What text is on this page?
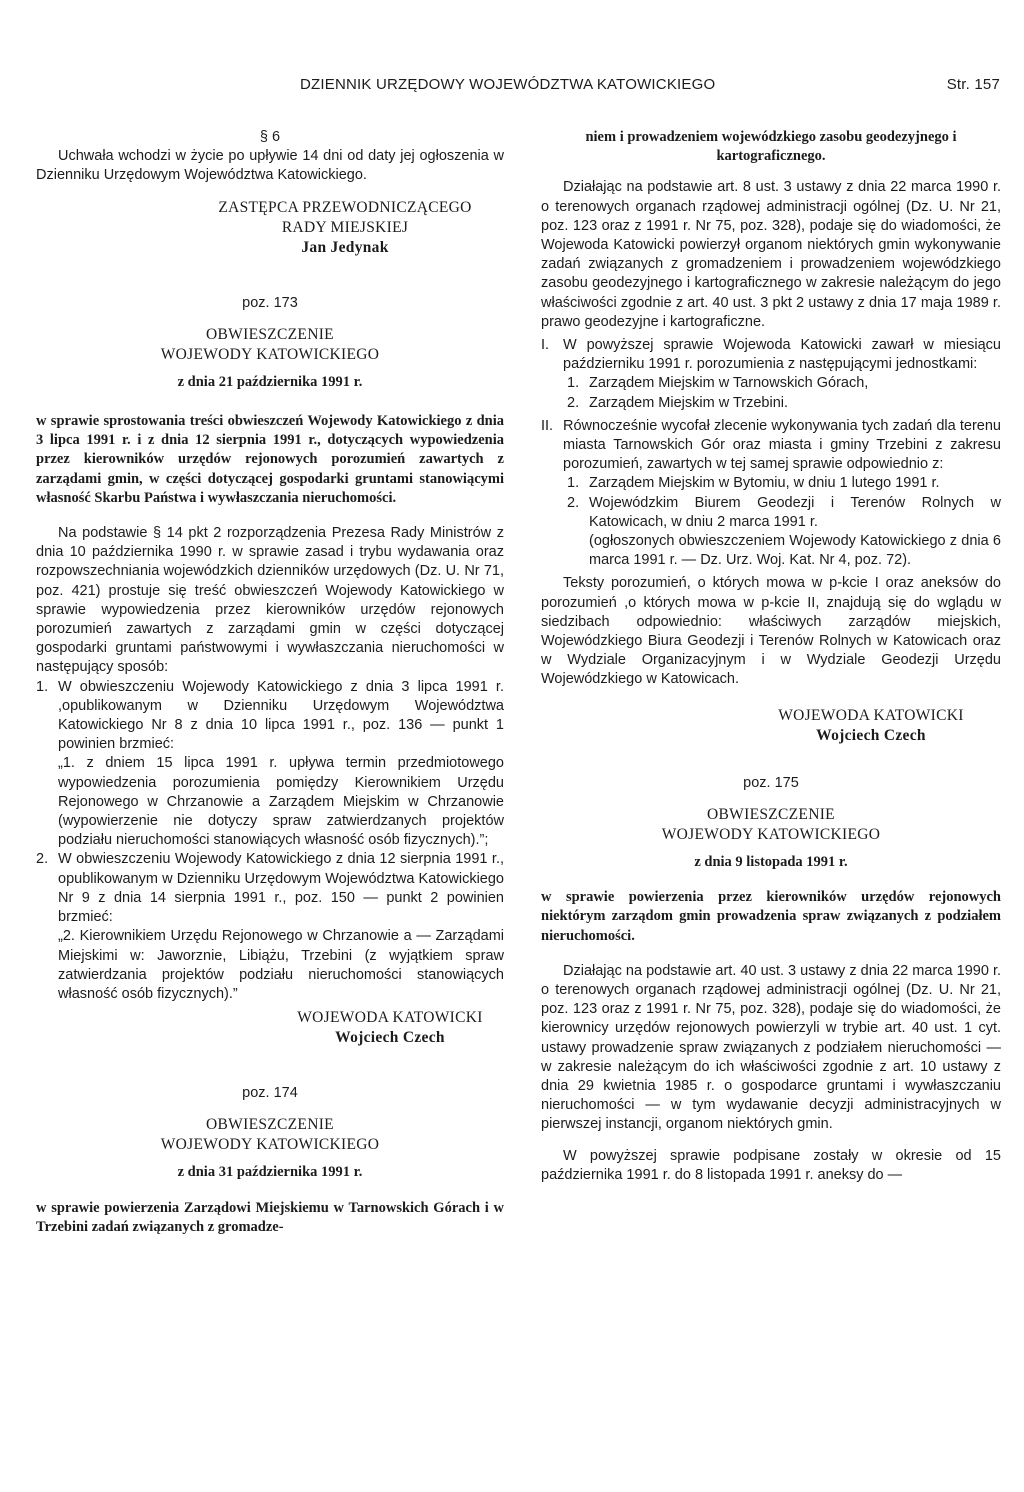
DZIENNIK URZĘDOWY WOJEWÓDZTWA KATOWICKIEGO	Str. 157

§ 6

Uchwała wchodzi w życie po upływie 14 dni od daty jej ogłoszenia w Dzienniku Urzędowym Województwa Katowickiego.

ZASTĘPCA PRZEWODNICZĄCEGO

RADY MIEJSKIEJ

Jan Jedynak

poz. 173

OBWIESZCZENIE

WOJEWODY KATOWICKIEGO

z dnia 21 października 1991 r.

w sprawie sprostowania treści obwieszczeń Wojewody Katowickiego z dnia 3 lipca 1991 r. i z dnia 12 sierpnia 1991 r., dotyczących wypowiedzenia przez kierowników urzędów rejonowych porozumień zawartych z zarządami gmin, w części dotyczącej gospodarki gruntami stanowiącymi własność Skarbu Państwa i wywłaszczania nieruchomości.

Na podstawie § 14 pkt 2 rozporządzenia Prezesa Rady Ministrów z dnia 10 października 1990 r. w sprawie zasad i trybu wydawania oraz rozpowszechniania wojewódzkich dzienników urzędowych (Dz. U. Nr 71, poz. 421) prostuje się treść obwieszczeń Wojewody Katowickiego w sprawie wypowiedzenia przez kierowników urzędów rejonowych porozumień zawartych z zarządami gmin w części dotyczącej gospodarki gruntami państwowymi i wywłaszczania nieruchomości w następujący sposób:

1. W obwieszczeniu Wojewody Katowickiego z dnia 3 lipca 1991 r. ,opublikowanym w Dzienniku Urzędowym Województwa Katowickiego Nr 8 z dnia 10 lipca 1991 r., poz. 136 — punkt 1 powinien brzmieć:

„1. z dniem 15 lipca 1991 r. upływa termin przedmiotowego wypowiedzenia porozumienia pomiędzy Kierownikiem Urzędu Rejonowego w Chrzanowie a Zarządem Miejskim w Chrzanowie (wypowierzenie nie dotyczy spraw zatwierdzanych projektów podziału nieruchomości stanowiących własność osób fizycznych).”;

2. W obwieszczeniu Wojewody Katowickiego z dnia 12 sierpnia 1991 r., opublikowanym w Dzienniku Urzędowym Województwa Katowickiego Nr 9 z dnia 14 sierpnia 1991 r., poz. 150 — punkt 2 powinien brzmieć:

„2. Kierownikiem Urzędu Rejonowego w Chrzanowie a — Zarządami Miejskimi w: Jaworznie, Libiążu, Trzebini (z wyjątkiem spraw zatwierdzania projektów podziału nieruchomości stanowiących własność osób fizycznych).”

WOJEWODA KATOWICKI

Wojciech Czech

poz. 174

OBWIESZCZENIE

WOJEWODY KATOWICKIEGO

z dnia 31 października 1991 r.

w sprawie powierzenia Zarządowi Miejskiemu w Tarnowskich Górach i w Trzebini zadań związanych z gromadze-

niem i prowadzeniem wojewódzkiego zasobu geodezyjnego i kartograficznego.

Działając na podstawie art. 8 ust. 3 ustawy z dnia 22 marca 1990 r. o terenowych organach rządowej administracji ogólnej (Dz. U. Nr 21, poz. 123 oraz z 1991 r. Nr 75, poz. 328), podaje się do wiadomości, że Wojewoda Katowicki powierzył organom niektórych gmin wykonywanie zadań związanych z gromadzeniem i prowadzeniem wojewódzkiego zasobu geodezyjnego i kartograficznego w zakresie należącym do jego właściwości zgodnie z art. 40 ust. 3 pkt 2 ustawy z dnia 17 maja 1989 r. prawo geodezyjne i kartograficzne.

I. W powyższej sprawie Wojewoda Katowicki zawarł w miesiącu październiku 1991 r. porozumienia z następującymi jednostkami:

1. Zarządem Miejskim w Tarnowskich Górach,

2. Zarządem Miejskim w Trzebini.

II. Równocześnie wycofał zlecenie wykonywania tych zadań dla terenu miasta Tarnowskich Gór oraz miasta i gminy Trzebini z zakresu porozumień, zawartych w tej samej sprawie odpowiednio z:

1. Zarządem Miejskim w Bytomiu, w dniu 1 lutego 1991 r.

2. Wojewódzkim Biurem Geodezji i Terenów Rolnych w Katowicach, w dniu 2 marca 1991 r.

(ogłoszonych obwieszczeniem Wojewody Katowickiego z dnia 6 marca 1991 r. — Dz. Urz. Woj. Kat. Nr 4, poz. 72).

Teksty porozumień, o których mowa w p-kcie I oraz aneksów do porozumień ,o których mowa w p-kcie II, znajdują się do wglądu w siedzibach odpowiednio: właściwych zarządów miejskich, Wojewódzkiego Biura Geodezji i Terenów Rolnych w Katowicach oraz w Wydziale Organizacyjnym i w Wydziale Geodezji Urzędu Wojewódzkiego w Katowicach.

WOJEWODA KATOWICKI

Wojciech Czech

poz. 175

OBWIESZCZENIE

WOJEWODY KATOWICKIEGO

z dnia 9 listopada 1991 r.

w sprawie powierzenia przez kierowników urzędów rejonowych niektórym zarządom gmin prowadzenia spraw związanych z podziałem nieruchomości.

Działając na podstawie art. 40 ust. 3 ustawy z dnia 22 marca 1990 r. o terenowych organach rządowej administracji ogólnej (Dz. U. Nr 21, poz. 123 oraz z 1991 r. Nr 75, poz. 328), podaje się do wiadomości, że kierownicy urzędów rejonowych powierzyli w trybie art. 40 ust. 1 cyt. ustawy prowadzenie spraw związanych z podziałem nieruchomości — w zakresie należącym do ich właściwości zgodnie z art. 10 ustawy z dnia 29 kwietnia 1985 r. o gospodarce gruntami i wywłaszczaniu nieruchomości — w tym wydawanie decyzji administracyjnych w pierwszej instancji, organom niektórych gmin.

W powyższej sprawie podpisane zostały w okresie od 15 października 1991 r. do 8 listopada 1991 r. aneksy do —
